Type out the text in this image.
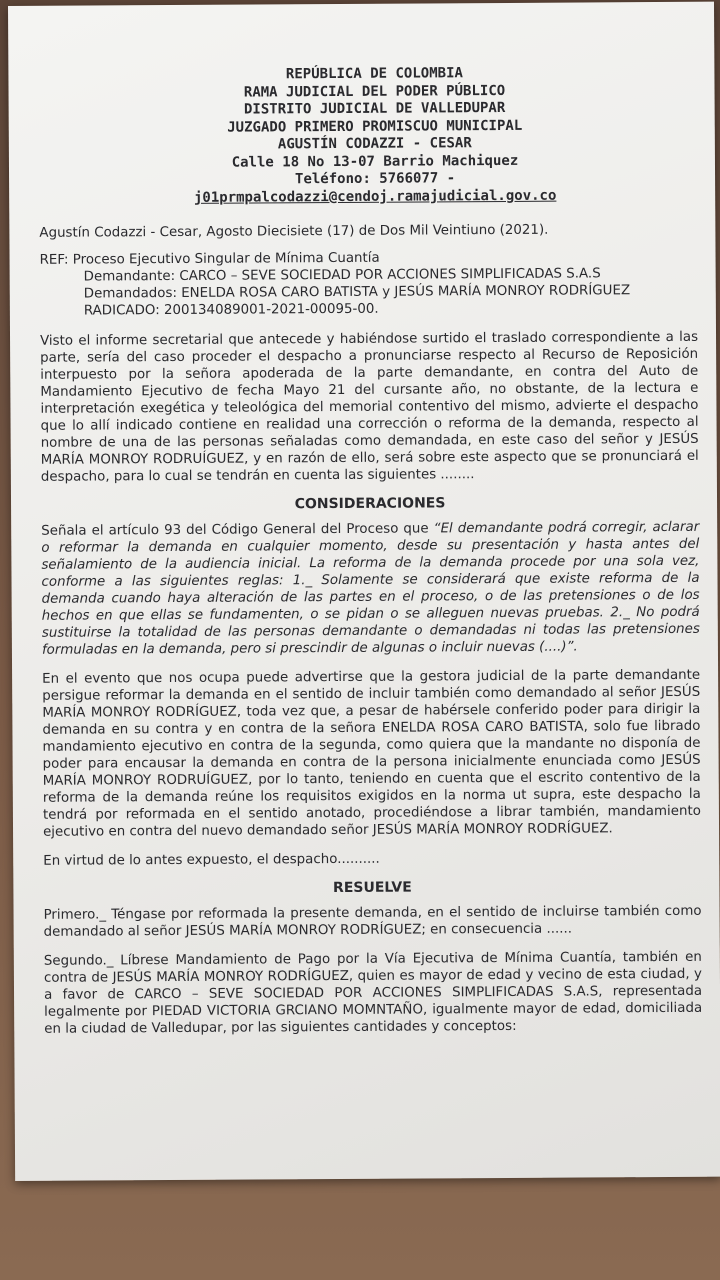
REPÚBLICA DE COLOMBIA
RAMA JUDICIAL DEL PODER PÚBLICO
DISTRITO JUDICIAL DE VALLEDUPAR
JUZGADO PRIMERO PROMISCUO MUNICIPAL
AGUSTÍN CODAZZI - CESAR
Calle 18 No 13-07 Barrio Machiquez
Teléfono: 5766077 -
j01prmpalcodazzi@cendoj.ramajudicial.gov.co

Agustín Codazzi - Cesar, Agosto Diecisiete (17) de Dos Mil Veintiuno (2021).

REF: Proceso Ejecutivo Singular de Mínima Cuantía
Demandante: CARCO – SEVE SOCIEDAD POR ACCIONES SIMPLIFICADAS S.A.S
Demandados: ENELDA ROSA CARO BATISTA y JESÚS MARÍA MONROY RODRÍGUEZ
RADICADO: 200134089001-2021-00095-00.

Visto el informe secretarial que antecede y habiéndose surtido el traslado correspondiente a las parte, sería del caso proceder el despacho a pronunciarse respecto al Recurso de Reposición interpuesto por la señora apoderada de la parte demandante, en contra del Auto de Mandamiento Ejecutivo de fecha Mayo 21 del cursante año, no obstante, de la lectura e interpretación exegética y teleológica del memorial contentivo del mismo, advierte el despacho que lo allí indicado contiene en realidad una corrección o reforma de la demanda, respecto al nombre de una de las personas señaladas como demandada, en este caso del señor y JESÚS MARÍA MONROY RODRUÍGUEZ, y en razón de ello, será sobre este aspecto que se pronunciará el despacho, para lo cual se tendrán en cuenta las siguientes ........

CONSIDERACIONES

Señala el artículo 93 del Código General del Proceso que “El demandante podrá corregir, aclarar o reformar la demanda en cualquier momento, desde su presentación y hasta antes del señalamiento de la audiencia inicial. La reforma de la demanda procede por una sola vez, conforme a las siguientes reglas: 1._ Solamente se considerará que existe reforma de la demanda cuando haya alteración de las partes en el proceso, o de las pretensiones o de los hechos en que ellas se fundamenten, o se pidan o se alleguen nuevas pruebas. 2._ No podrá sustituirse la totalidad de las personas demandante o demandadas ni todas las pretensiones formuladas en la demanda, pero si prescindir de algunas o incluir nuevas (....)”.

En el evento que nos ocupa puede advertirse que la gestora judicial de la parte demandante persigue reformar la demanda en el sentido de incluir también como demandado al señor JESÚS MARÍA MONROY RODRÍGUEZ, toda vez que, a pesar de habérsele conferido poder para dirigir la demanda en su contra y en contra de la señora ENELDA ROSA CARO BATISTA, solo fue librado mandamiento ejecutivo en contra de la segunda, como quiera que la mandante no disponía de poder para encausar la demanda en contra de la persona inicialmente enunciada como JESÚS MARÍA MONROY RODRUÍGUEZ, por lo tanto, teniendo en cuenta que el escrito contentivo de la reforma de la demanda reúne los requisitos exigidos en la norma ut supra, este despacho la tendrá por reformada en el sentido anotado, procediéndose a librar también, mandamiento ejecutivo en contra del nuevo demandado señor JESÚS MARÍA MONROY RODRÍGUEZ.

En virtud de lo antes expuesto, el despacho..........

RESUELVE

Primero._ Téngase por reformada la presente demanda, en el sentido de incluirse también como demandado al señor JESÚS MARÍA MONROY RODRÍGUEZ; en consecuencia ......

Segundo._ Líbrese Mandamiento de Pago por la Vía Ejecutiva de Mínima Cuantía, también en contra de JESÚS MARÍA MONROY RODRÍGUEZ, quien es mayor de edad y vecino de esta ciudad, y a favor de CARCO – SEVE SOCIEDAD POR ACCIONES SIMPLIFICADAS S.A.S, representada legalmente por PIEDAD VICTORIA GRCIANO MOMNTAÑO, igualmente mayor de edad, domiciliada en la ciudad de Valledupar, por las siguientes cantidades y conceptos:
